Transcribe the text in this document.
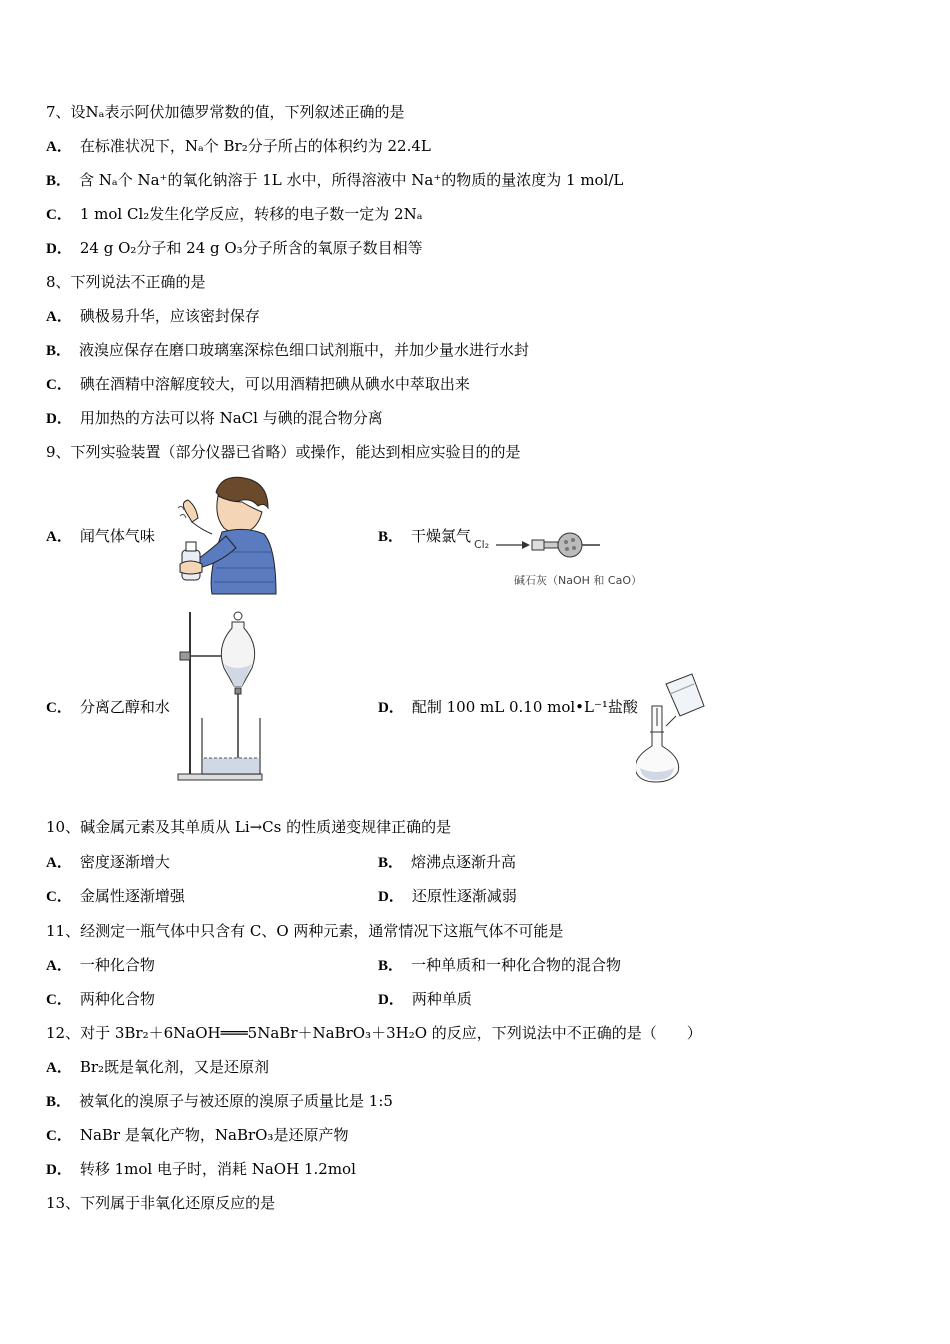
7、设Nₐ表示阿伏加德罗常数的值，下列叙述正确的是
A． 在标准状况下，Nₐ个 Br₂分子所占的体积约为 22.4L
B． 含 Nₐ个 Na⁺的氧化钠溶于 1L 水中，所得溶液中 Na⁺的物质的量浓度为 1 mol/L
C． 1 mol Cl₂发生化学反应，转移的电子数一定为 2Nₐ
D． 24 g O₂分子和 24 g O₃分子所含的氧原子数目相等
8、下列说法不正确的是
A． 碘极易升华，应该密封保存
B． 液溴应保存在磨口玻璃塞深棕色细口试剂瓶中，并加少量水进行水封
C． 碘在酒精中溶解度较大，可以用酒精把碘从碘水中萃取出来
D． 用加热的方法可以将 NaCl 与碘的混合物分离
9、下列实验装置（部分仪器已省略）或操作，能达到相应实验目的的是
A． 闻气体气味	B． 干燥氯气 Cl₂
碱石灰（NaOH 和 CaO）
C． 分离乙醇和水	D． 配制 100 mL 0.10 mol•L⁻¹盐酸
10、碱金属元素及其单质从 Li→Cs 的性质递变规律正确的是
A． 密度逐渐增大	B． 熔沸点逐渐升高
C． 金属性逐渐增强	D． 还原性逐渐减弱
11、经测定一瓶气体中只含有 C、O 两种元素，通常情况下这瓶气体不可能是
A． 一种化合物	B． 一种单质和一种化合物的混合物
C． 两种化合物	D． 两种单质
12、对于 3Br₂＋6NaOH═══5NaBr＋NaBrO₃＋3H₂O 的反应，下列说法中不正确的是（　　）
A． Br₂既是氧化剂，又是还原剂
B． 被氧化的溴原子与被还原的溴原子质量比是 1:5
C． NaBr 是氧化产物，NaBrO₃是还原产物
D． 转移 1mol 电子时，消耗 NaOH 1.2mol
13、下列属于非氧化还原反应的是
